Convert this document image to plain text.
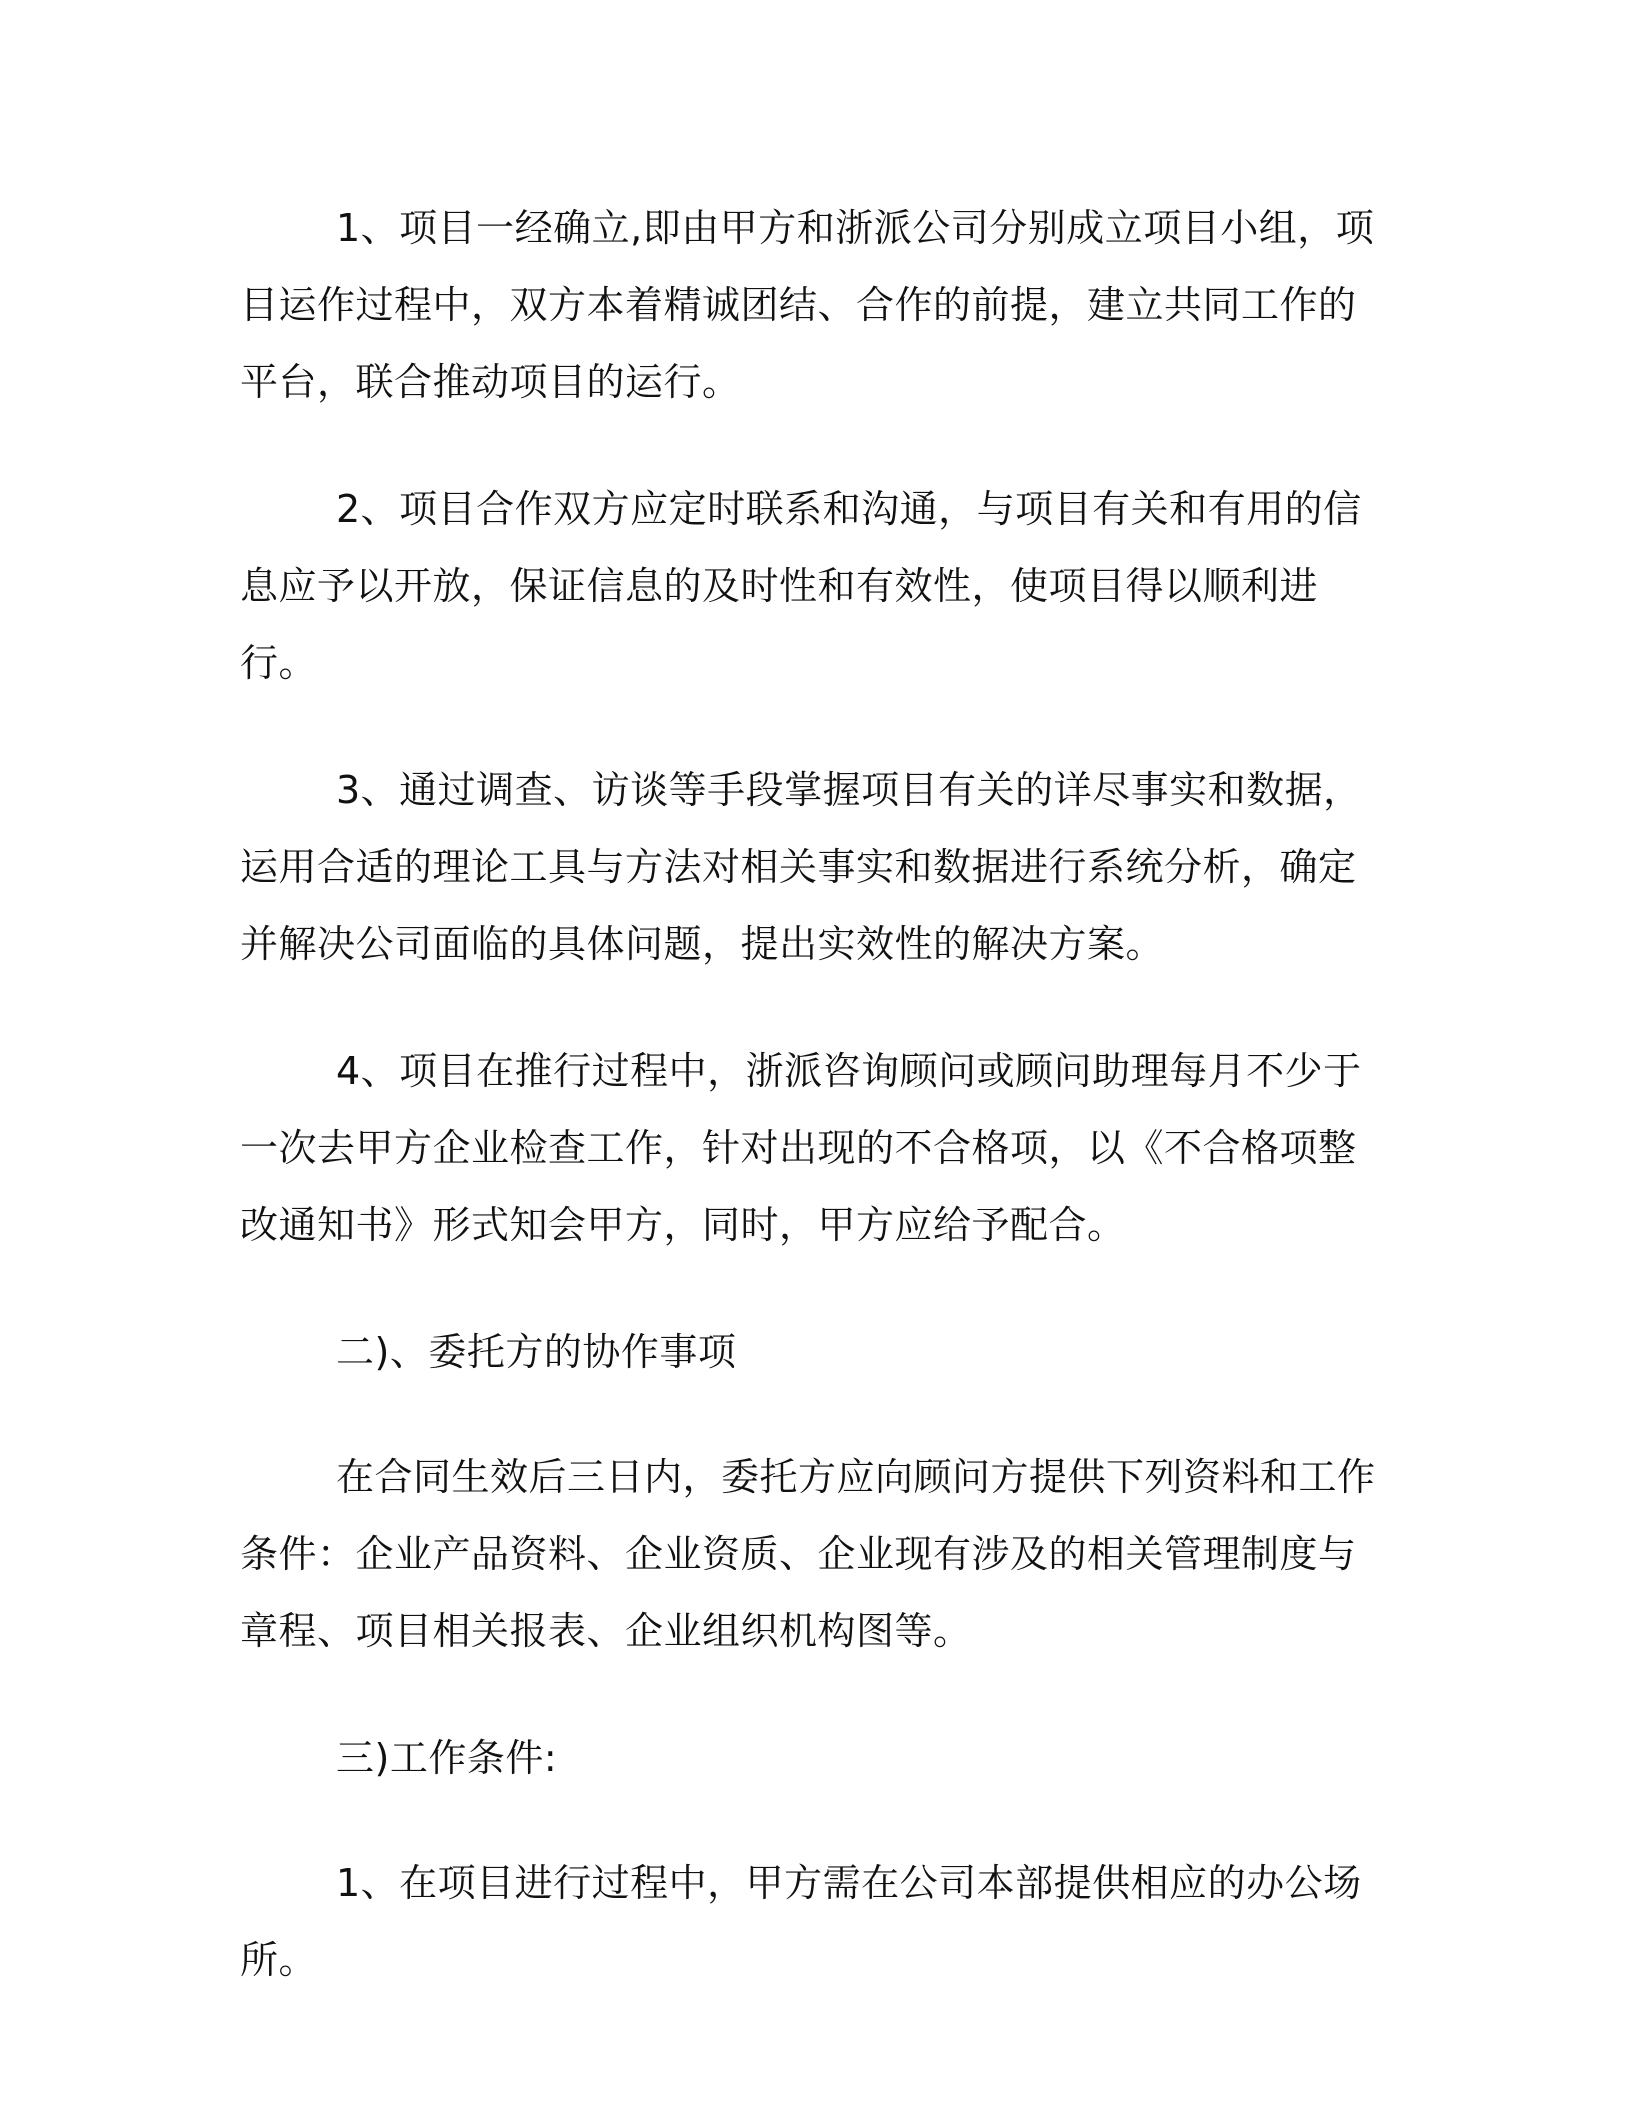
1、项目一经确立,即由甲方和浙派公司分别成立项目小组，项目运作过程中，双方本着精诚团结、合作的前提，建立共同工作的平台，联合推动项目的运行。

2、项目合作双方应定时联系和沟通，与项目有关和有用的信息应予以开放，保证信息的及时性和有效性，使项目得以顺利进行。

3、通过调查、访谈等手段掌握项目有关的详尽事实和数据，运用合适的理论工具与方法对相关事实和数据进行系统分析，确定并解决公司面临的具体问题，提出实效性的解决方案。

4、项目在推行过程中，浙派咨询顾问或顾问助理每月不少于一次去甲方企业检查工作，针对出现的不合格项，以《不合格项整改通知书》形式知会甲方，同时，甲方应给予配合。

二)、委托方的协作事项

在合同生效后三日内，委托方应向顾问方提供下列资料和工作条件：企业产品资料、企业资质、企业现有涉及的相关管理制度与章程、项目相关报表、企业组织机构图等。

三)工作条件:

1、在项目进行过程中，甲方需在公司本部提供相应的办公场所。
